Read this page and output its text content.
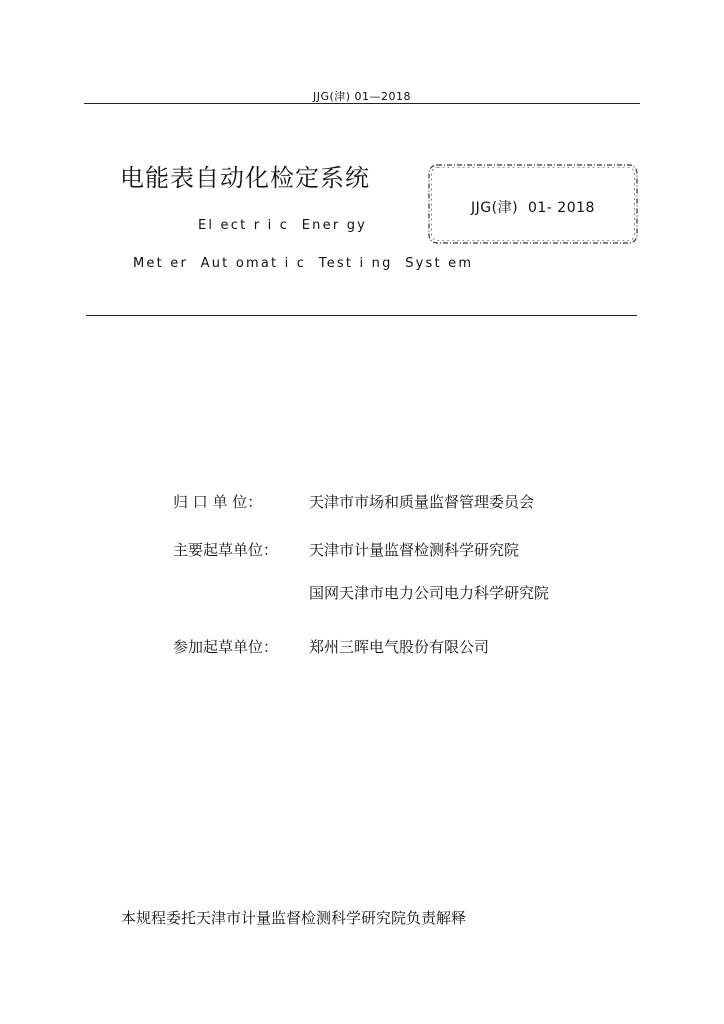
JJG(津) 01—2018
电能表自动化检定系统
El ect r i c  Ener gy
Met er  Aut omat i c  Test i ng  Syst em
JJG(津)  01- 2018
归 口 单 位：	天津市市场和质量监督管理委员会
主要起草单位：	天津市计量监督检测科学研究院
国网天津市电力公司电力科学研究院
参加起草单位：	郑州三晖电气股份有限公司
本规程委托天津市计量监督检测科学研究院负责解释
